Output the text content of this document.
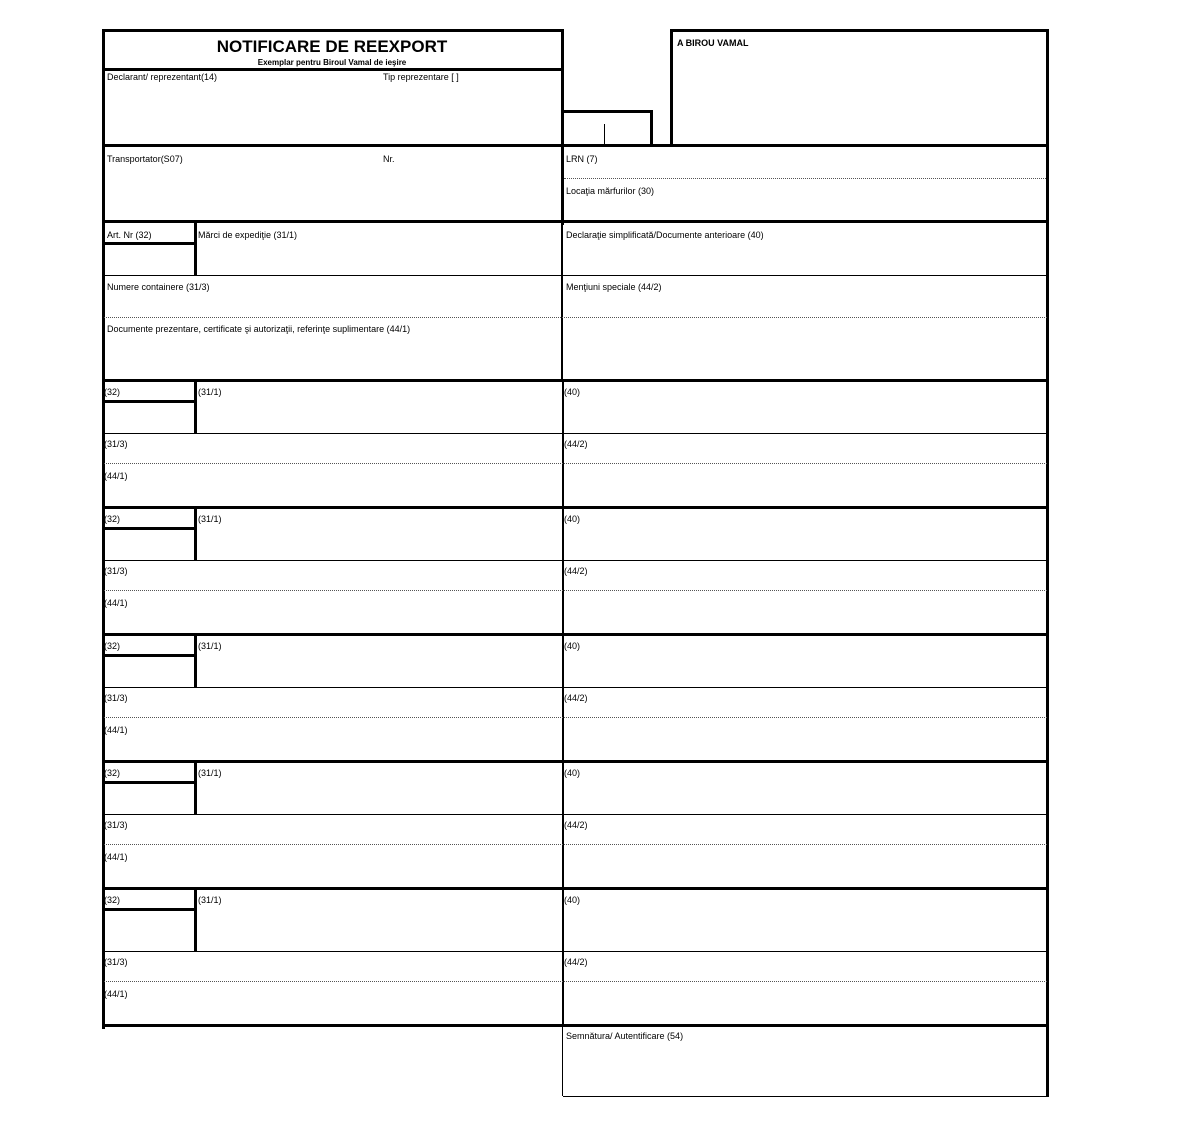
NOTIFICARE DE REEXPORT
Exemplar pentru Biroul Vamal de ieşire
Declarant/ reprezentant(14)	Tip reprezentare [ ]
A BIROU VAMAL
Transportator(S07)	Nr.	LRN (7)
Locaţia mărfurilor (30)
Art. Nr (32)	Mărci de expediţie (31/1)	Declaraţie simplificată/Documente anterioare (40)
Numere containere (31/3)	Menţiuni speciale (44/2)
Documente prezentare, certificate şi autorizaţii, referinţe suplimentare (44/1)
(32)	(31/1)	(40)
(31/3)	(44/2)
(44/1)
(32)	(31/1)	(40)
(31/3)	(44/2)
(44/1)
(32)	(31/1)	(40)
(31/3)	(44/2)
(44/1)
(32)	(31/1)	(40)
(31/3)	(44/2)
(44/1)
(32)	(31/1)	(40)
(31/3)	(44/2)
(44/1)
Semnătura/ Autentificare (54)
